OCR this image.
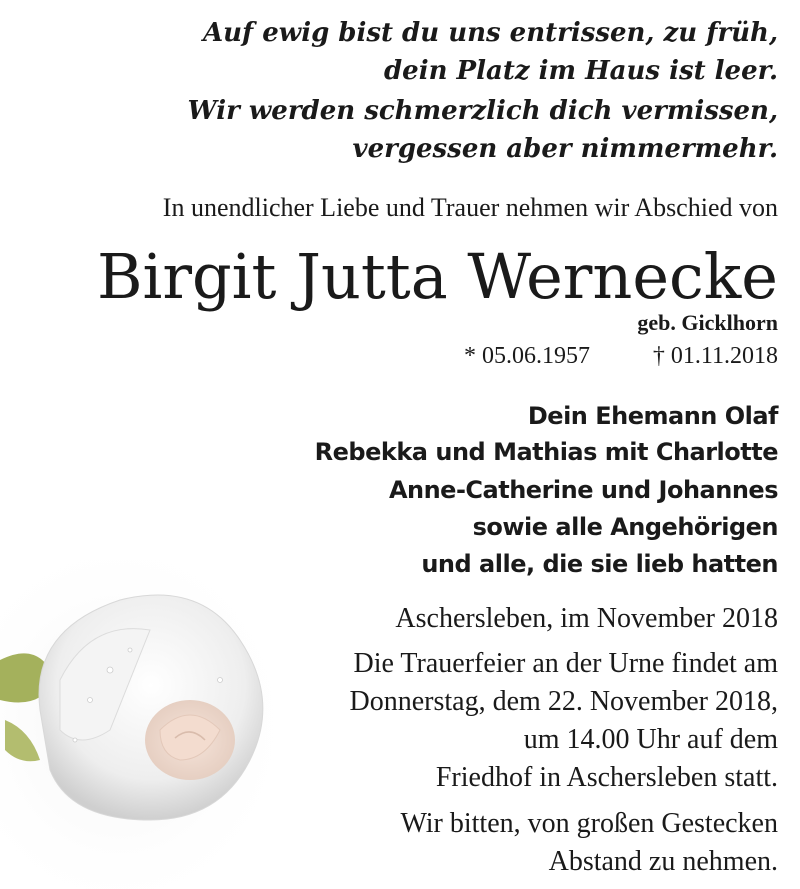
Auf ewig bist du uns entrissen, zu früh,
dein Platz im Haus ist leer.
Wir werden schmerzlich dich vermissen,
vergessen aber nimmermehr.
In unendlicher Liebe und Trauer nehmen wir Abschied von
Birgit Jutta Wernecke
geb. Gicklhorn
* 05.06.1957	† 01.11.2018
Dein Ehemann Olaf
Rebekka und Mathias mit Charlotte
Anne-Catherine und Johannes
sowie alle Angehörigen
und alle, die sie lieb hatten
Aschersleben, im November 2018
Die Trauerfeier an der Urne findet am
Donnerstag, dem 22. November 2018,
um 14.00 Uhr auf dem
Friedhof in Aschersleben statt.
Wir bitten, von großen Gestecken
Abstand zu nehmen.
